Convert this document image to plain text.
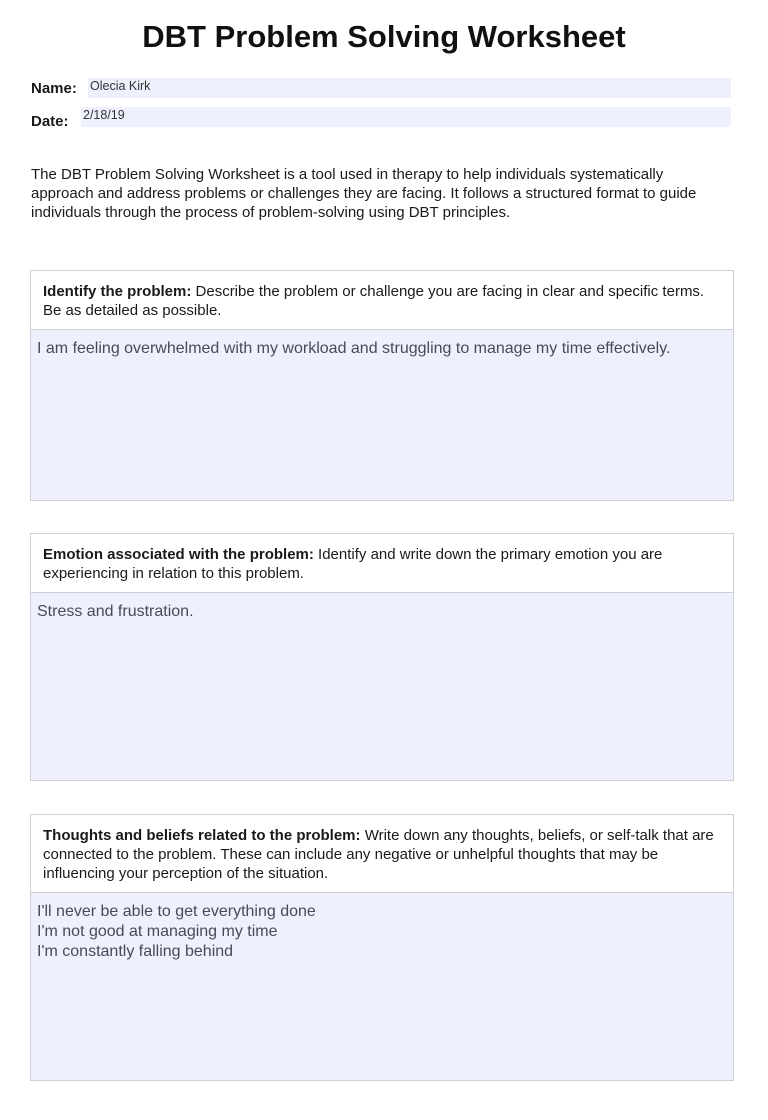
DBT Problem Solving Worksheet
Name: Olecia Kirk
Date: 2/18/19
The DBT Problem Solving Worksheet is a tool used in therapy to help individuals systematically approach and address problems or challenges they are facing. It follows a structured format to guide individuals through the process of problem-solving using DBT principles.
Identify the problem: Describe the problem or challenge you are facing in clear and specific terms. Be as detailed as possible.
I am feeling overwhelmed with my workload and struggling to manage my time effectively.
Emotion associated with the problem: Identify and write down the primary emotion you are experiencing in relation to this problem.
Stress and frustration.
Thoughts and beliefs related to the problem: Write down any thoughts, beliefs, or self-talk that are connected to the problem. These can include any negative or unhelpful thoughts that may be influencing your perception of the situation.
I'll never be able to get everything done
I'm not good at managing my time
I'm constantly falling behind
